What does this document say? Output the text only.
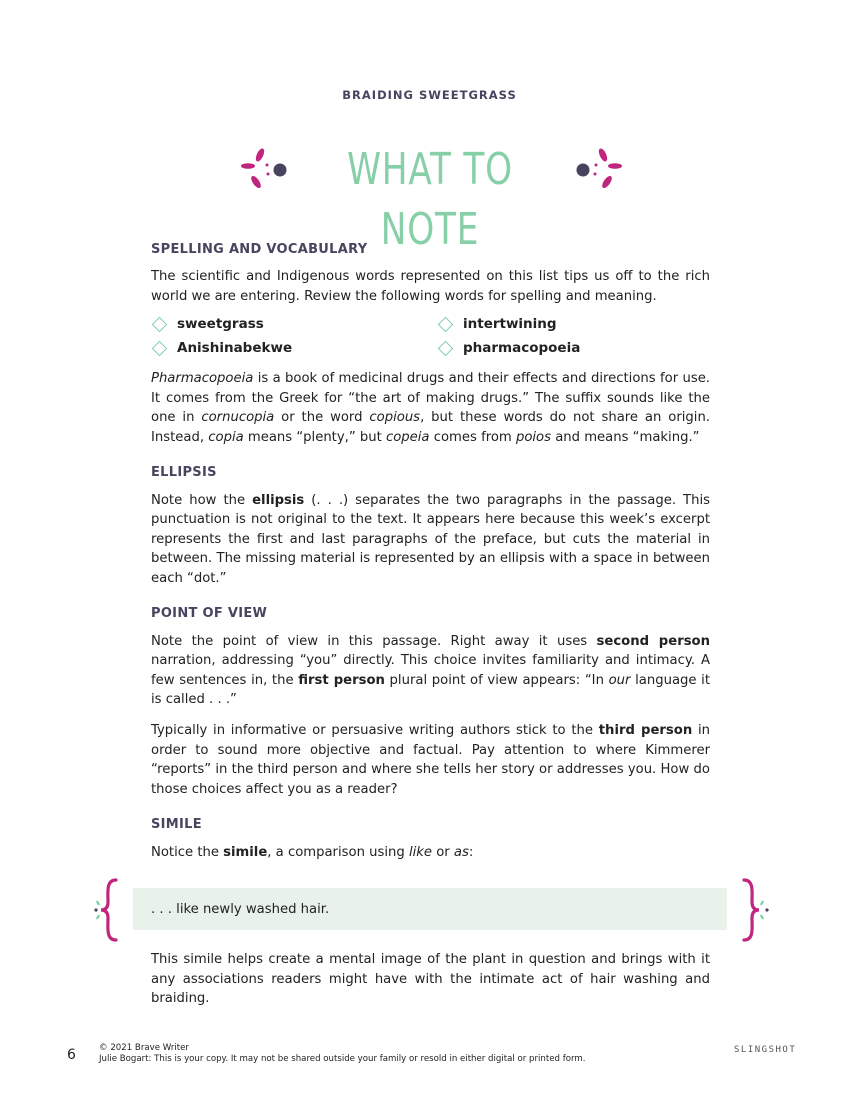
BRAIDING SWEETGRASS
WHAT TO NOTE
SPELLING AND VOCABULARY

The scientific and Indigenous words represented on this list tips us off to the rich world we are entering. Review the following words for spelling and meaning.

sweetgrass	intertwining
Anishinabekwe	pharmacopoeia

Pharmacopoeia is a book of medicinal drugs and their effects and directions for use. It comes from the Greek for “the art of making drugs.” The suffix sounds like the one in cornucopia or the word copious, but these words do not share an origin. Instead, copia means “plenty,” but copeia comes from poios and means “making.”

ELLIPSIS

Note how the ellipsis (. . .) separates the two paragraphs in the passage. This punctuation is not original to the text. It appears here because this week’s excerpt represents the first and last paragraphs of the preface, but cuts the material in between. The missing material is represented by an ellipsis with a space in between each “dot.”

POINT OF VIEW

Note the point of view in this passage. Right away it uses second person narration, addressing “you” directly. This choice invites familiarity and intimacy. A few sentences in, the first person plural point of view appears: “In our language it is called . . .”

Typically in informative or persuasive writing authors stick to the third person in order to sound more objective and factual. Pay attention to where Kimmerer “reports” in the third person and where she tells her story or addresses you. How do those choices affect you as a reader?

SIMILE

Notice the simile, a comparison using like or as:

. . . like newly washed hair.

This simile helps create a mental image of the plant in question and brings with it any associations readers might have with the intimate act of hair washing and braiding.

6	© 2021 Brave Writer
Julie Bogart: This is your copy. It may not be shared outside your family or resold in either digital or printed form.
SLINGSHOT
